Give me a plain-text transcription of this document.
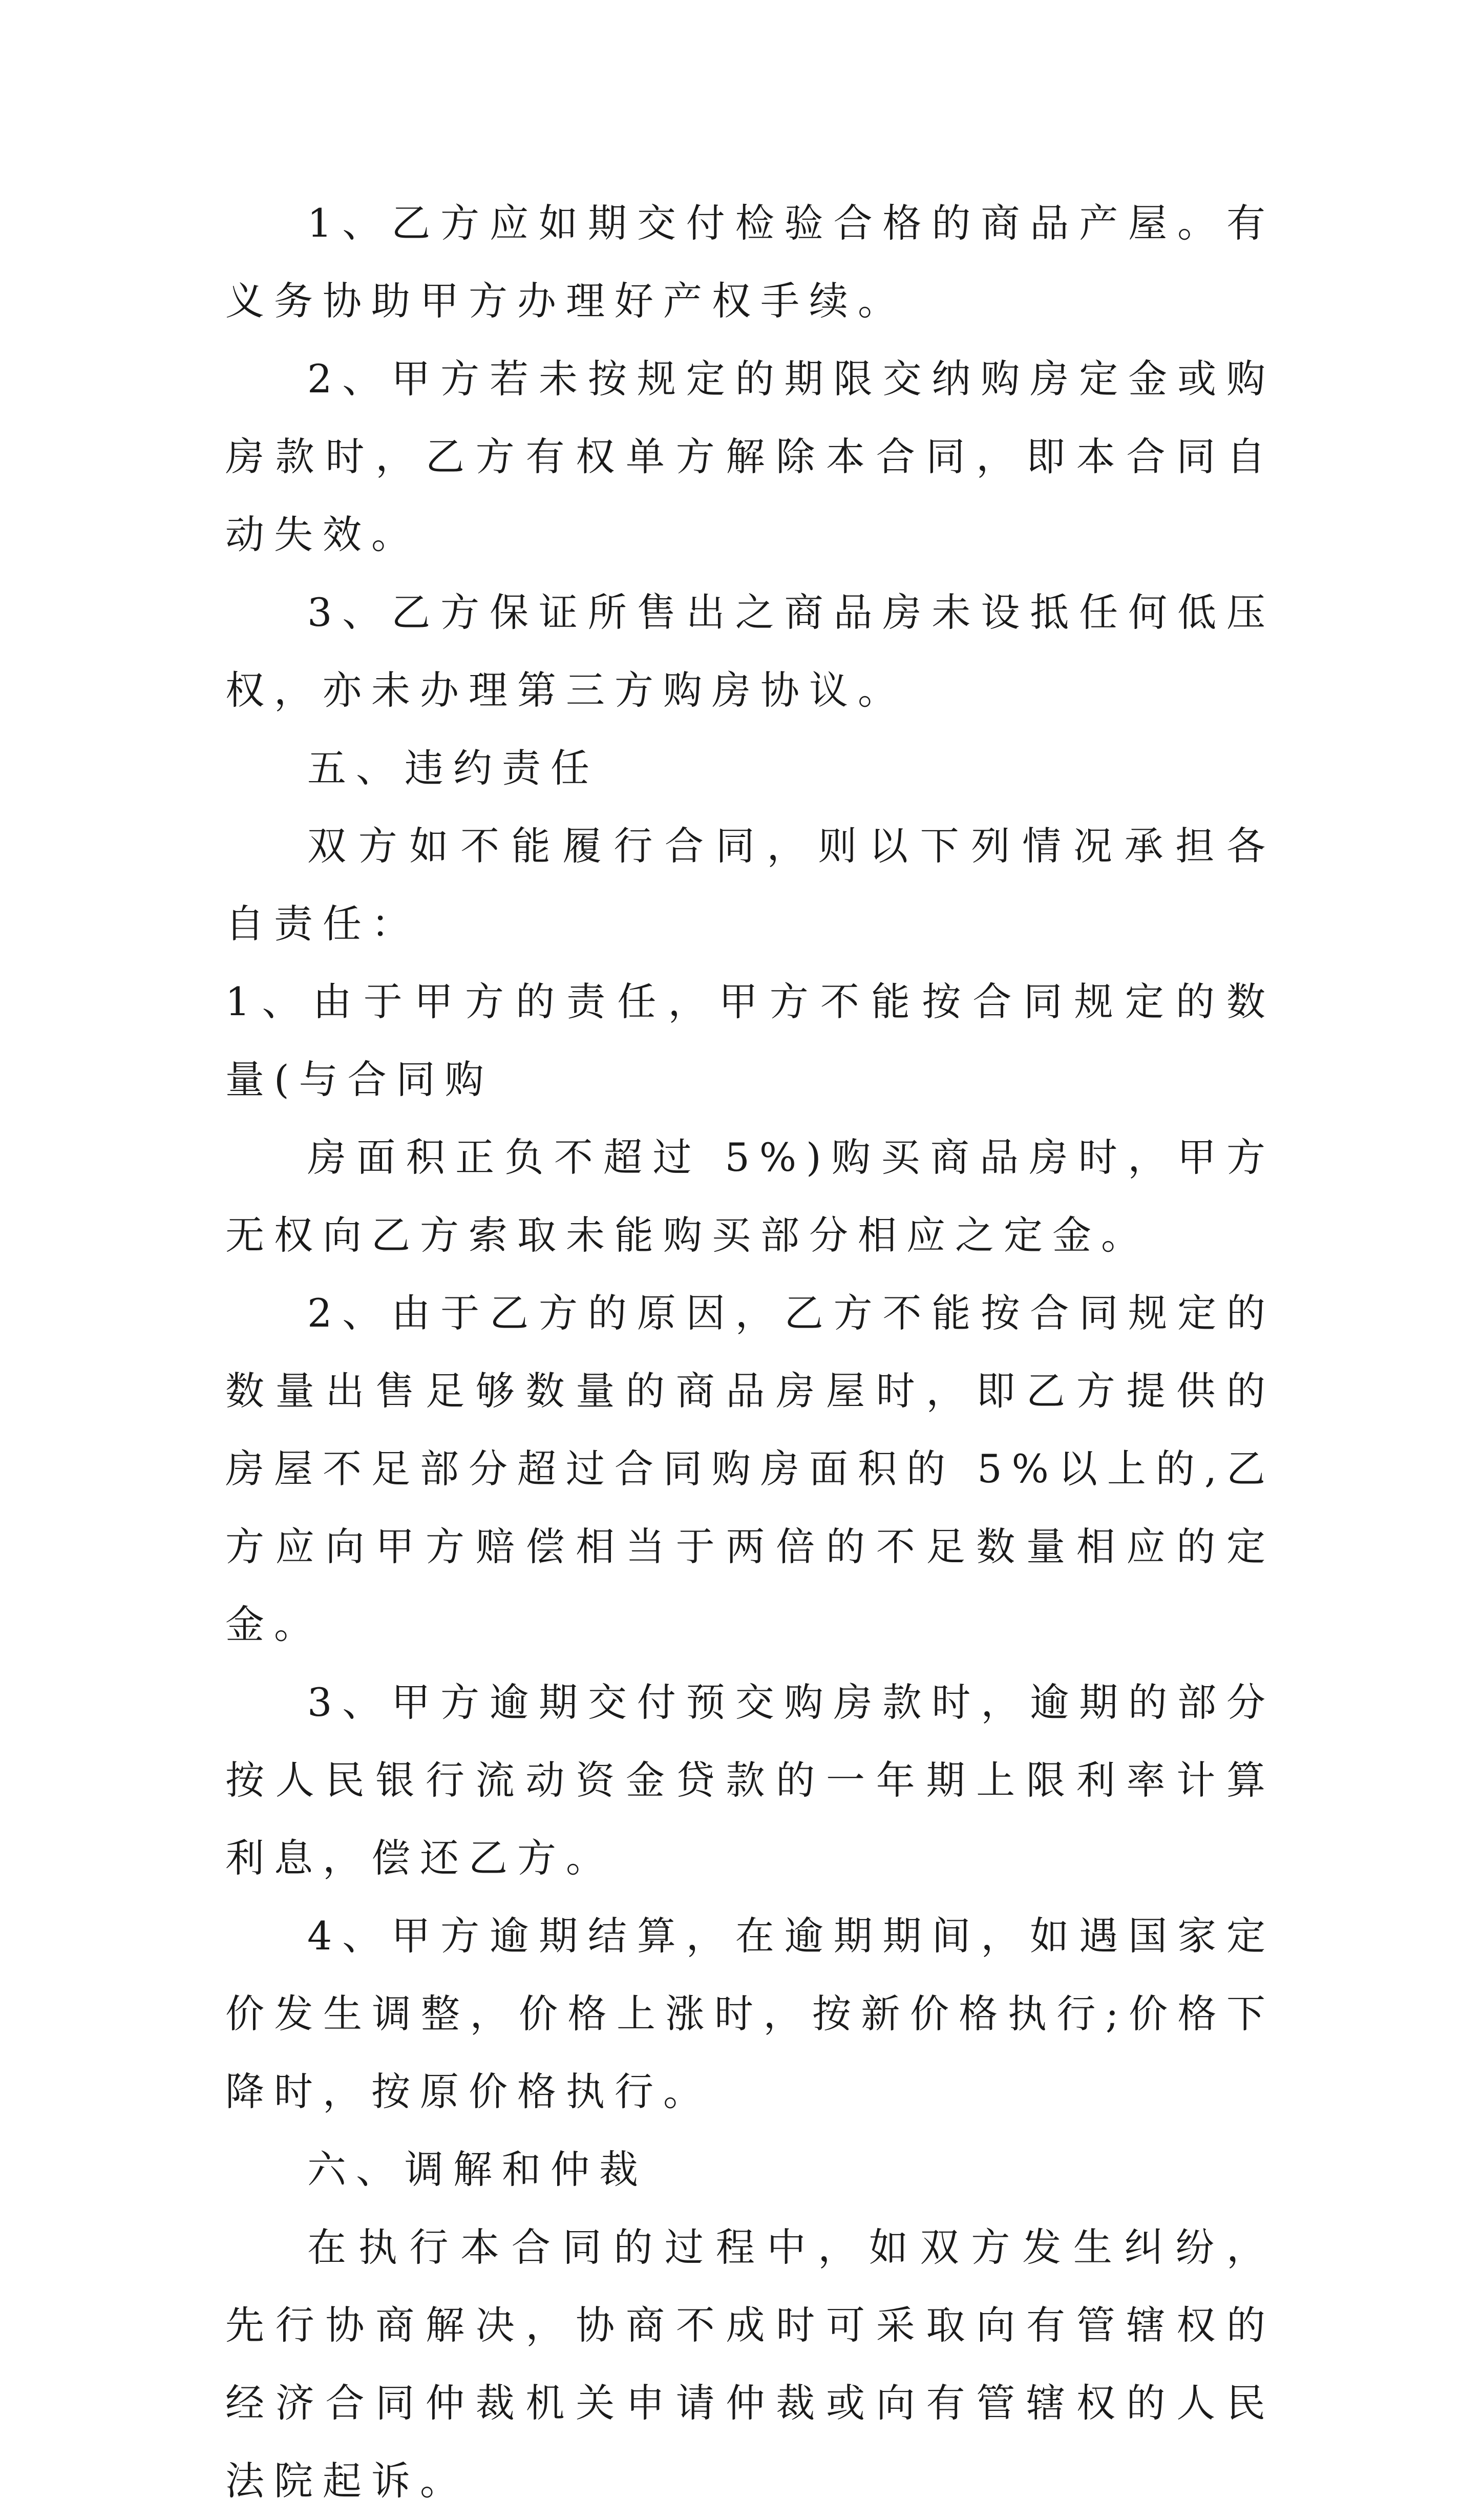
1、乙方应如期交付检验合格的商品产屋。有义务协助甲方办理好产权手续。

2、甲方若未按规定的期限交纳购房定金或购房款时，乙方有权单方解除本合同，即本合同自动失效。

3、乙方保证所售出之商品房未设抵任何低压权，亦未办理第三方购房协议。

五、违约责任

双方如不能履行合同，则以下列情况承担各自责任：

1、由于甲方的责任，甲方不能按合同规定的数量(与合同购

房面积正负不超过 5%)购买商品房时，甲方无权向乙方索取未能购买部分相应之定金。

2、由于乙方的原因，乙方不能按合同规定的数量出售足够数量的商品房屋时，即乙方提供的房屋不足部分超过合同购房面积的 5%以上的,乙方应向甲方赔偿相当于两倍的不足数量相应的定金。

3、甲方逾期交付预交购房款时，逾期的部分按人民银行流动资金贷款的一年期上限利率计算利息，偿还乙方。

4、甲方逾期结算，在逾期期间，如遇国家定价发生调整，价格上涨时，按新价格执行;价格下降时，按原价格执行。

六、调解和仲裁

在执行本合同的过程中，如双方发生纠纷，先行协商解决，协商不成时可采取向有管辖权的经济合同仲裁机关申请仲裁或向有管辖权的人民法院起诉。
